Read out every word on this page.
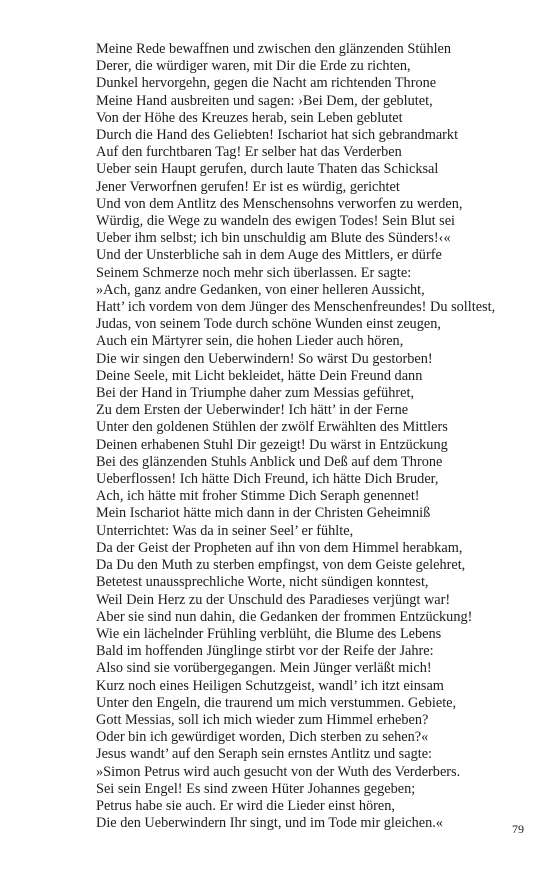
Meine Rede bewaffnen und zwischen den glänzenden Stühlen
Derer, die würdiger waren, mit Dir die Erde zu richten,
Dunkel hervorgehn, gegen die Nacht am richtenden Throne
Meine Hand ausbreiten und sagen: ›Bei Dem, der geblutet,
Von der Höhe des Kreuzes herab, sein Leben geblutet
Durch die Hand des Geliebten! Ischariot hat sich gebrandmarkt
Auf den furchtbaren Tag! Er selber hat das Verderben
Ueber sein Haupt gerufen, durch laute Thaten das Schicksal
Jener Verworfnen gerufen! Er ist es würdig, gerichtet
Und von dem Antlitz des Menschensohns verworfen zu werden,
Würdig, die Wege zu wandeln des ewigen Todes! Sein Blut sei
Ueber ihm selbst; ich bin unschuldig am Blute des Sünders!‹«
Und der Unsterbliche sah in dem Auge des Mittlers, er dürfe
Seinem Schmerze noch mehr sich überlassen. Er sagte:
»Ach, ganz andre Gedanken, von einer helleren Aussicht,
Hatt’ ich vordem von dem Jünger des Menschenfreundes! Du solltest,
Judas, von seinem Tode durch schöne Wunden einst zeugen,
Auch ein Märtyrer sein, die hohen Lieder auch hören,
Die wir singen den Ueberwindern! So wärst Du gestorben!
Deine Seele, mit Licht bekleidet, hätte Dein Freund dann
Bei der Hand in Triumphe daher zum Messias geführet,
Zu dem Ersten der Ueberwinder! Ich hätt’ in der Ferne
Unter den goldenen Stühlen der zwölf Erwählten des Mittlers
Deinen erhabenen Stuhl Dir gezeigt! Du wärst in Entzückung
Bei des glänzenden Stuhls Anblick und Deß auf dem Throne
Ueberflossen! Ich hätte Dich Freund, ich hätte Dich Bruder,
Ach, ich hätte mit froher Stimme Dich Seraph genennet!
Mein Ischariot hätte mich dann in der Christen Geheimniß
Unterrichtet: Was da in seiner Seel’ er fühlte,
Da der Geist der Propheten auf ihn von dem Himmel herabkam,
Da Du den Muth zu sterben empfingst, von dem Geiste gelehret,
Betetest unaussprechliche Worte, nicht sündigen konntest,
Weil Dein Herz zu der Unschuld des Paradieses verjüngt war!
Aber sie sind nun dahin, die Gedanken der frommen Entzückung!
Wie ein lächelnder Frühling verblüht, die Blume des Lebens
Bald im hoffenden Jünglinge stirbt vor der Reife der Jahre:
Also sind sie vorübergegangen. Mein Jünger verläßt mich!
Kurz noch eines Heiligen Schutzgeist, wandl’ ich itzt einsam
Unter den Engeln, die traurend um mich verstummen. Gebiete,
Gott Messias, soll ich mich wieder zum Himmel erheben?
Oder bin ich gewürdiget worden, Dich sterben zu sehen?«
Jesus wandt’ auf den Seraph sein ernstes Antlitz und sagte:
»Simon Petrus wird auch gesucht von der Wuth des Verderbers.
Sei sein Engel! Es sind zween Hüter Johannes gegeben;
Petrus habe sie auch. Er wird die Lieder einst hören,
Die den Ueberwindern Ihr singt, und im Tode mir gleichen.«	79
